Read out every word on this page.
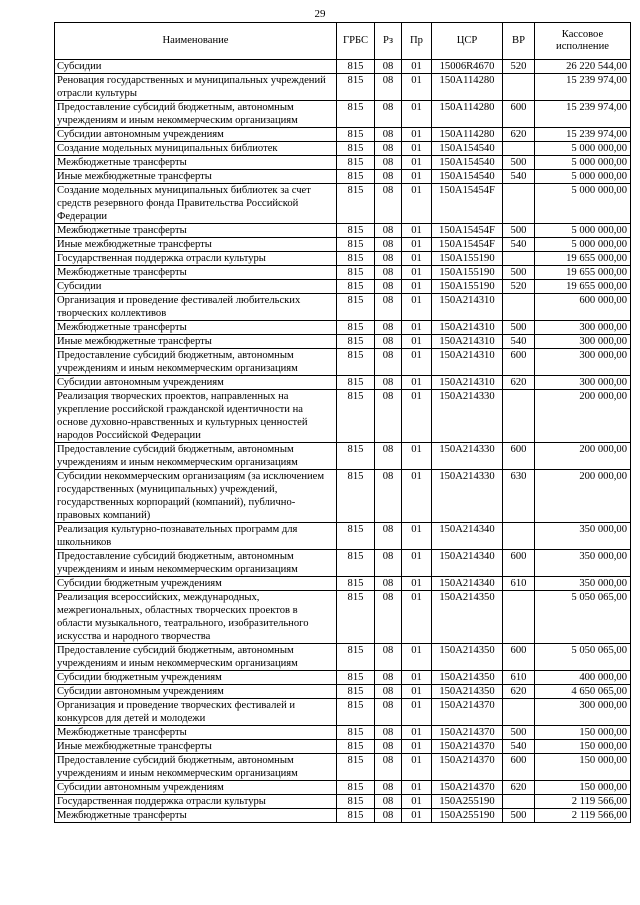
29
Наименование	ГРБС	Рз	Пр	ЦСР	ВР	Кассовое исполнение
Субсидии	815	08	01	15006R4670	520	26 220 544,00
Реновация государственных и муниципальных учреждений отрасли культуры	815	08	01	150A114280		15 239 974,00
Предоставление субсидий бюджетным, автономным учреждениям и иным некоммерческим организациям	815	08	01	150A114280	600	15 239 974,00
Субсидии автономным учреждениям	815	08	01	150A114280	620	15 239 974,00
Создание модельных муниципальных библиотек	815	08	01	150A154540		5 000 000,00
Межбюджетные трансферты	815	08	01	150A154540	500	5 000 000,00
Иные межбюджетные трансферты	815	08	01	150A154540	540	5 000 000,00
Создание модельных муниципальных библиотек за счет средств резервного фонда Правительства Российской Федерации	815	08	01	150A15454F		5 000 000,00
Межбюджетные трансферты	815	08	01	150A15454F	500	5 000 000,00
Иные межбюджетные трансферты	815	08	01	150A15454F	540	5 000 000,00
Государственная поддержка отрасли культуры	815	08	01	150A155190		19 655 000,00
Межбюджетные трансферты	815	08	01	150A155190	500	19 655 000,00
Субсидии	815	08	01	150A155190	520	19 655 000,00
Организация и проведение фестивалей любительских творческих коллективов	815	08	01	150A214310		600 000,00
Межбюджетные трансферты	815	08	01	150A214310	500	300 000,00
Иные межбюджетные трансферты	815	08	01	150A214310	540	300 000,00
Предоставление субсидий бюджетным, автономным учреждениям и иным некоммерческим организациям	815	08	01	150A214310	600	300 000,00
Субсидии автономным учреждениям	815	08	01	150A214310	620	300 000,00
Реализация творческих проектов, направленных на укрепление российской гражданской идентичности на основе духовно-нравственных и культурных ценностей народов Российской Федерации	815	08	01	150A214330		200 000,00
Предоставление субсидий бюджетным, автономным учреждениям и иным некоммерческим организациям	815	08	01	150A214330	600	200 000,00
Субсидии некоммерческим организациям (за исключением государственных (муниципальных) учреждений, государственных корпораций (компаний), публично-правовых компаний)	815	08	01	150A214330	630	200 000,00
Реализация культурно-познавательных программ для школьников	815	08	01	150A214340		350 000,00
Предоставление субсидий бюджетным, автономным учреждениям и иным некоммерческим организациям	815	08	01	150A214340	600	350 000,00
Субсидии бюджетным учреждениям	815	08	01	150A214340	610	350 000,00
Реализация всероссийских, международных, межрегиональных, областных творческих проектов в области музыкального, театрального, изобразительного искусства и народного творчества	815	08	01	150A214350		5 050 065,00
Предоставление субсидий бюджетным, автономным учреждениям и иным некоммерческим организациям	815	08	01	150A214350	600	5 050 065,00
Субсидии бюджетным учреждениям	815	08	01	150A214350	610	400 000,00
Субсидии автономным учреждениям	815	08	01	150A214350	620	4 650 065,00
Организация и проведение творческих фестивалей и конкурсов для детей и молодежи	815	08	01	150A214370		300 000,00
Межбюджетные трансферты	815	08	01	150A214370	500	150 000,00
Иные межбюджетные трансферты	815	08	01	150A214370	540	150 000,00
Предоставление субсидий бюджетным, автономным учреждениям и иным некоммерческим организациям	815	08	01	150A214370	600	150 000,00
Субсидии автономным учреждениям	815	08	01	150A214370	620	150 000,00
Государственная поддержка отрасли культуры	815	08	01	150A255190		2 119 566,00
Межбюджетные трансферты	815	08	01	150A255190	500	2 119 566,00
